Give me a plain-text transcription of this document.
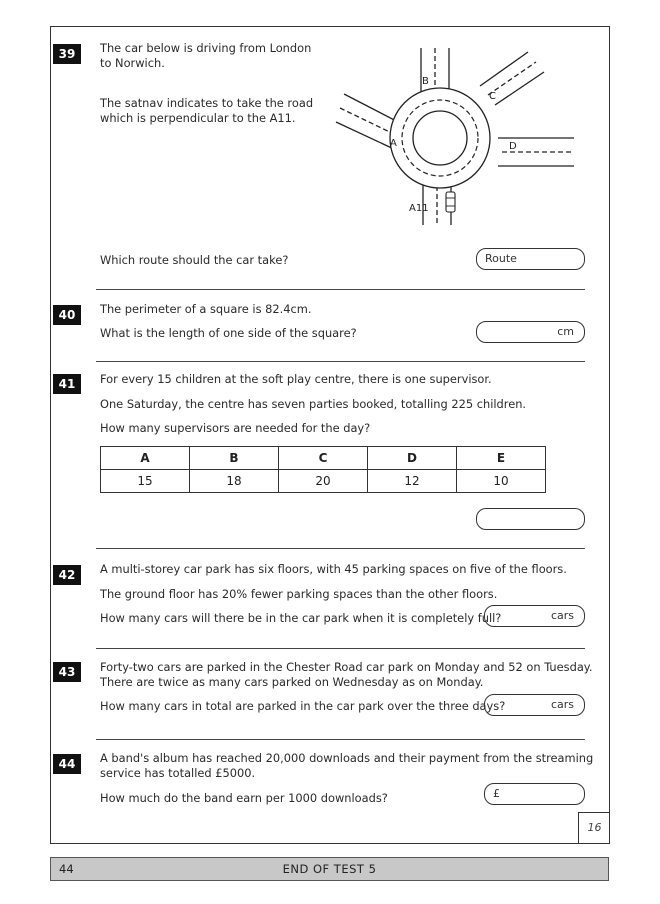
39	The car below is driving from London
to Norwich.
The satnav indicates to take the road
which is perpendicular to the A11.
B
C
D
A
A11
Which route should the car take?	Route
40	The perimeter of a square is 82.4cm.
What is the length of one side of the square?	cm
41	For every 15 children at the soft play centre, there is one supervisor.
One Saturday, the centre has seven parties booked, totalling 225 children.
How many supervisors are needed for the day?
A	B	C	D	E
15	18	20	12	10
42	A multi-storey car park has six floors, with 45 parking spaces on five of the floors.
The ground floor has 20% fewer parking spaces than the other floors.
How many cars will there be in the car park when it is completely full?	cars
43	Forty-two cars are parked in the Chester Road car park on Monday and 52 on Tuesday.
There are twice as many cars parked on Wednesday as on Monday.
How many cars in total are parked in the car park over the three days?	cars
44	A band's album has reached 20,000 downloads and their payment from the streaming
service has totalled £5000.
How much do the band earn per 1000 downloads?	£
16
44	END OF TEST 5
